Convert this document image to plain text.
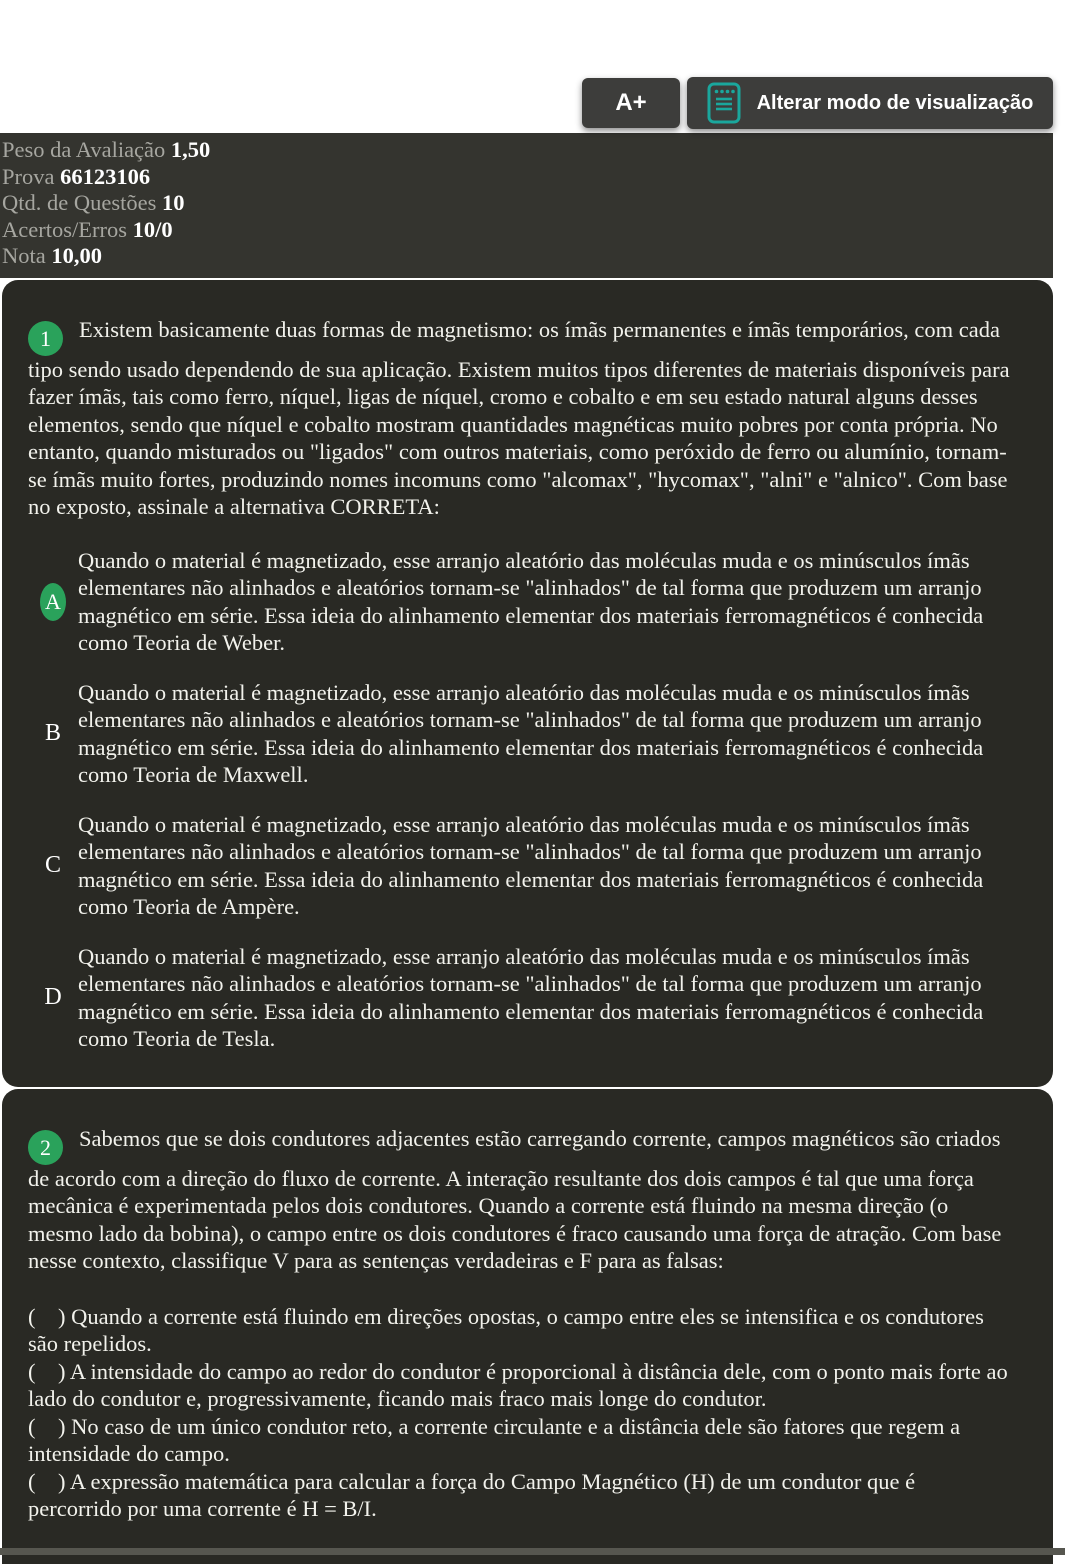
A+	Alterar modo de visualização
Peso da Avaliação 1,50
Prova 66123106
Qtd. de Questões 10
Acertos/Erros 10/0
Nota 10,00

1 Existem basicamente duas formas de magnetismo: os ímãs permanentes e ímãs temporários, com cada tipo sendo usado dependendo de sua aplicação. Existem muitos tipos diferentes de materiais disponíveis para fazer ímãs, tais como ferro, níquel, ligas de níquel, cromo e cobalto e em seu estado natural alguns desses elementos, sendo que níquel e cobalto mostram quantidades magnéticas muito pobres por conta própria. No entanto, quando misturados ou "ligados" com outros materiais, como peróxido de ferro ou alumínio, tornam-se ímãs muito fortes, produzindo nomes incomuns como "alcomax", "hycomax", "alni" e "alnico". Com base no exposto, assinale a alternativa CORRETA:

A
Quando o material é magnetizado, esse arranjo aleatório das moléculas muda e os minúsculos ímãs elementares não alinhados e aleatórios tornam-se "alinhados" de tal forma que produzem um arranjo magnético em série. Essa ideia do alinhamento elementar dos materiais ferromagnéticos é conhecida como Teoria de Weber.
B
Quando o material é magnetizado, esse arranjo aleatório das moléculas muda e os minúsculos ímãs elementares não alinhados e aleatórios tornam-se "alinhados" de tal forma que produzem um arranjo magnético em série. Essa ideia do alinhamento elementar dos materiais ferromagnéticos é conhecida como Teoria de Maxwell.
C
Quando o material é magnetizado, esse arranjo aleatório das moléculas muda e os minúsculos ímãs elementares não alinhados e aleatórios tornam-se "alinhados" de tal forma que produzem um arranjo magnético em série. Essa ideia do alinhamento elementar dos materiais ferromagnéticos é conhecida como Teoria de Ampère.
D
Quando o material é magnetizado, esse arranjo aleatório das moléculas muda e os minúsculos ímãs elementares não alinhados e aleatórios tornam-se "alinhados" de tal forma que produzem um arranjo magnético em série. Essa ideia do alinhamento elementar dos materiais ferromagnéticos é conhecida como Teoria de Tesla.

2 Sabemos que se dois condutores adjacentes estão carregando corrente, campos magnéticos são criados de acordo com a direção do fluxo de corrente. A interação resultante dos dois campos é tal que uma força mecânica é experimentada pelos dois condutores. Quando a corrente está fluindo na mesma direção (o mesmo lado da bobina), o campo entre os dois condutores é fraco causando uma força de atração. Com base nesse contexto, classifique V para as sentenças verdadeiras e F para as falsas:

(    ) Quando a corrente está fluindo em direções opostas, o campo entre eles se intensifica e os condutores são repelidos.

(    ) A intensidade do campo ao redor do condutor é proporcional à distância dele, com o ponto mais forte ao lado do condutor e, progressivamente, ficando mais fraco mais longe do condutor.

(    ) No caso de um único condutor reto, a corrente circulante e a distância dele são fatores que regem a intensidade do campo.

(    ) A expressão matemática para calcular a força do Campo Magnético (H) de um condutor que é percorrido por uma corrente é H = B/I.
